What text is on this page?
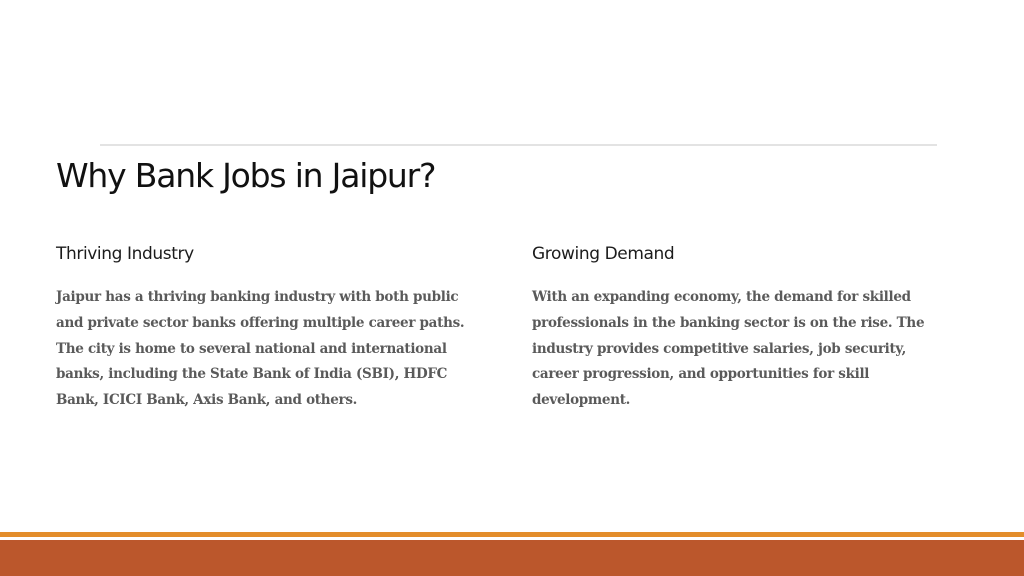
Why Bank Jobs in Jaipur?
Thriving Industry

Jaipur has a thriving banking industry with both public and private sector banks offering multiple career paths. The city is home to several national and international banks, including the State Bank of India (SBI), HDFC Bank, ICICI Bank, Axis Bank, and others.

Growing Demand

With an expanding economy, the demand for skilled professionals in the banking sector is on the rise. The industry provides competitive salaries, job security, career progression, and opportunities for skill development.
